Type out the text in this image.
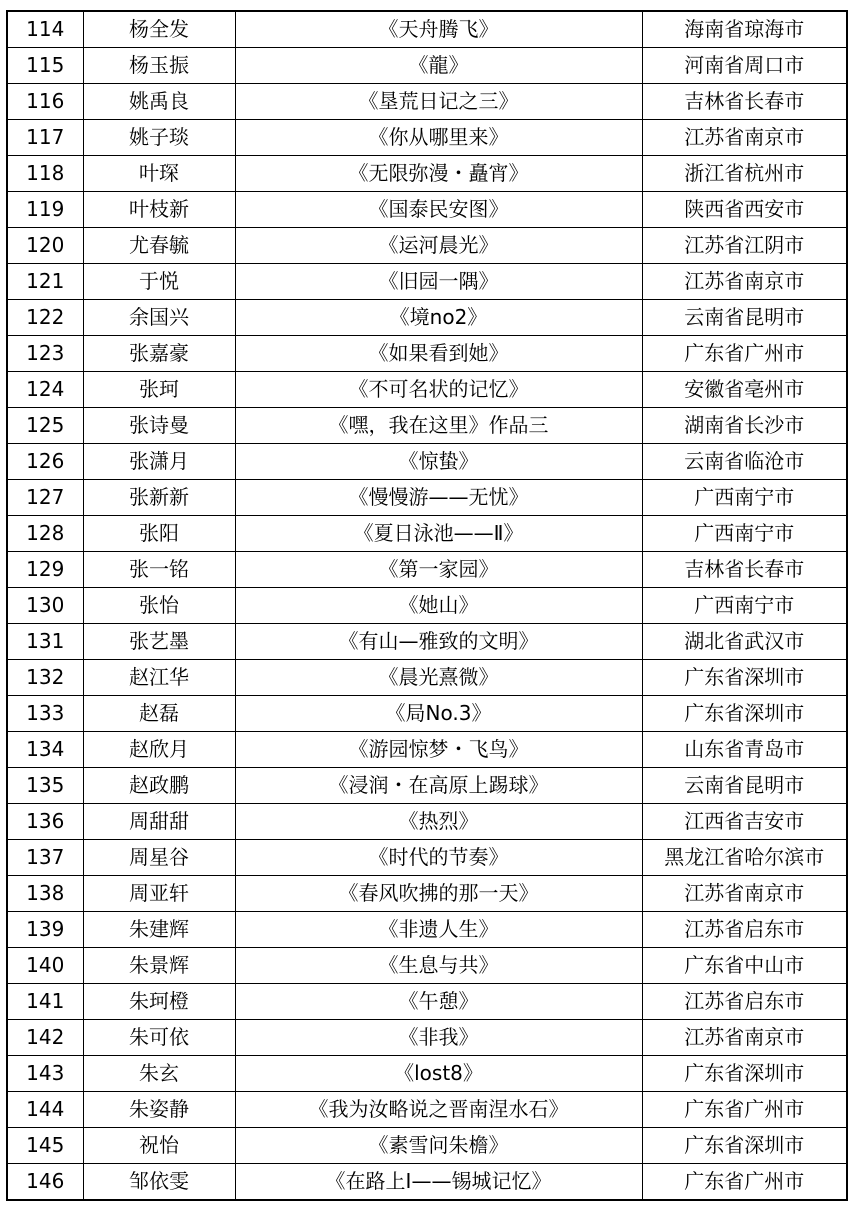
114	杨全发	《天舟腾飞》	海南省琼海市
115	杨玉振	《龍》	河南省周口市
116	姚禹良	《垦荒日记之三》	吉林省长春市
117	姚子琰	《你从哪里来》	江苏省南京市
118	叶琛	《无限弥漫・矗宵》	浙江省杭州市
119	叶枝新	《国泰民安图》	陕西省西安市
120	尤春毓	《运河晨光》	江苏省江阴市
121	于悦	《旧园一隅》	江苏省南京市
122	余国兴	《境no2》	云南省昆明市
123	张嘉豪	《如果看到她》	广东省广州市
124	张珂	《不可名状的记忆》	安徽省亳州市
125	张诗曼	《嘿，我在这里》作品三	湖南省长沙市
126	张潇月	《惊蛰》	云南省临沧市
127	张新新	《慢慢游——无忧》	广西南宁市
128	张阳	《夏日泳池——Ⅱ》	广西南宁市
129	张一铭	《第一家园》	吉林省长春市
130	张怡	《她山》	广西南宁市
131	张艺墨	《有山—雅致的文明》	湖北省武汉市
132	赵江华	《晨光熹微》	广东省深圳市
133	赵磊	《局No.3》	广东省深圳市
134	赵欣月	《游园惊梦・飞鸟》	山东省青岛市
135	赵政鹏	《浸润・在高原上踢球》	云南省昆明市
136	周甜甜	《热烈》	江西省吉安市
137	周星谷	《时代的节奏》	黑龙江省哈尔滨市
138	周亚轩	《春风吹拂的那一天》	江苏省南京市
139	朱建辉	《非遗人生》	江苏省启东市
140	朱景辉	《生息与共》	广东省中山市
141	朱珂橙	《午憩》	江苏省启东市
142	朱可依	《非我》	江苏省南京市
143	朱玄	《lost8》	广东省深圳市
144	朱姿静	《我为汝略说之晋南涅水石》	广东省广州市
145	祝怡	《素雪问朱檐》	广东省深圳市
146	邹依雯	《在路上Ⅰ——锡城记忆》	广东省广州市
